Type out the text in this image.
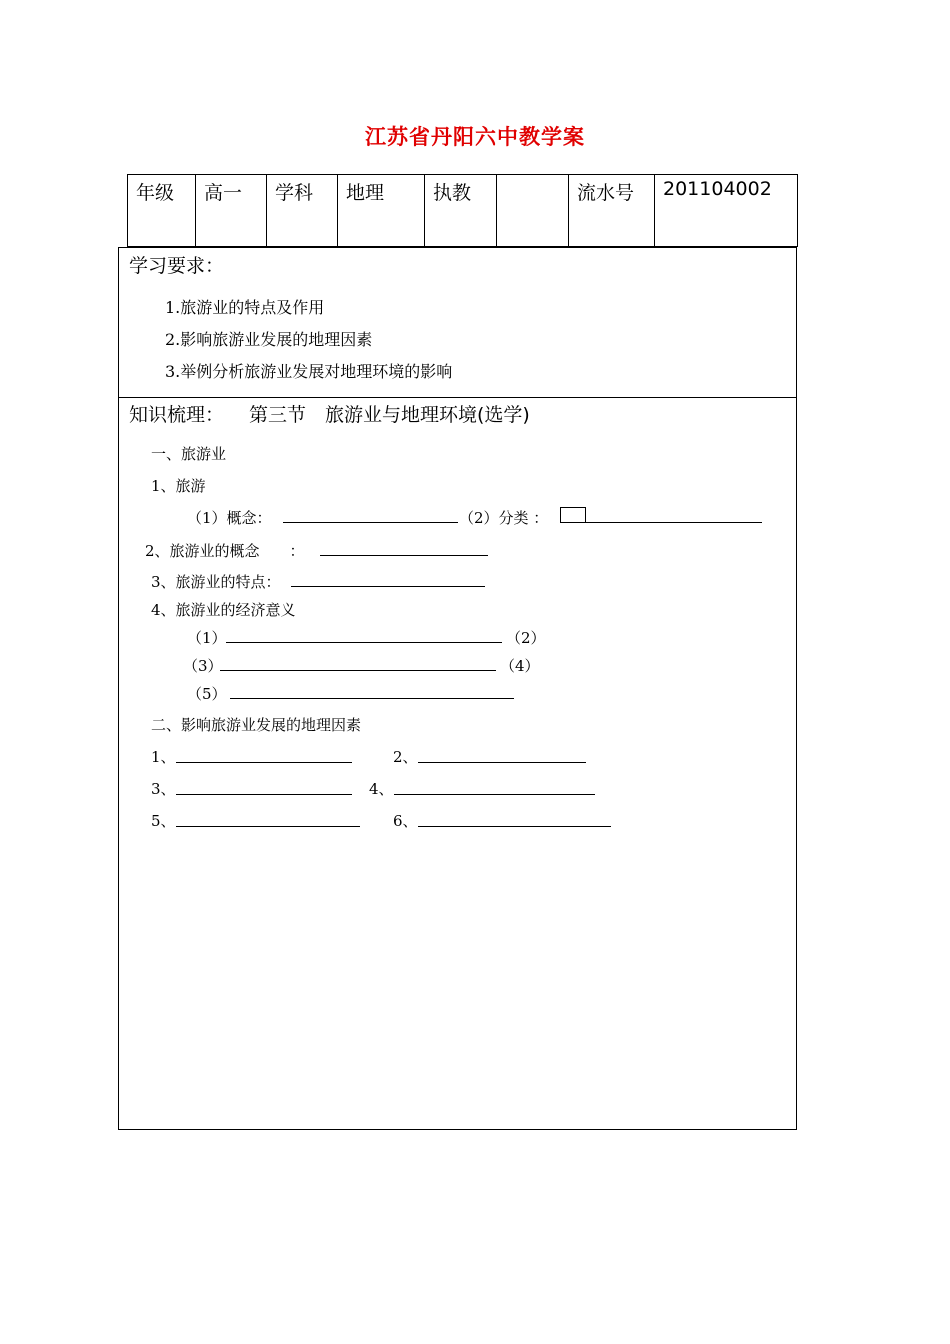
江苏省丹阳六中教学案
年级	高一	学科	地理	执教		流水号	201104002
学习要求：
1.旅游业的特点及作用
2.影响旅游业发展的地理因素
3.举例分析旅游业发展对地理环境的影响
知识梳理： 第三节　旅游业与地理环境(选学)
一、旅游业
1、旅游
（1）概念：	（2）分类 ：
2、旅游业的概念　　：
3、旅游业的特点：
4、旅游业的经济意义
（1）	（2）
（3）	（4）
（5）
二、影响旅游业发展的地理因素
1、	2、
3、	4、
5、	6、
